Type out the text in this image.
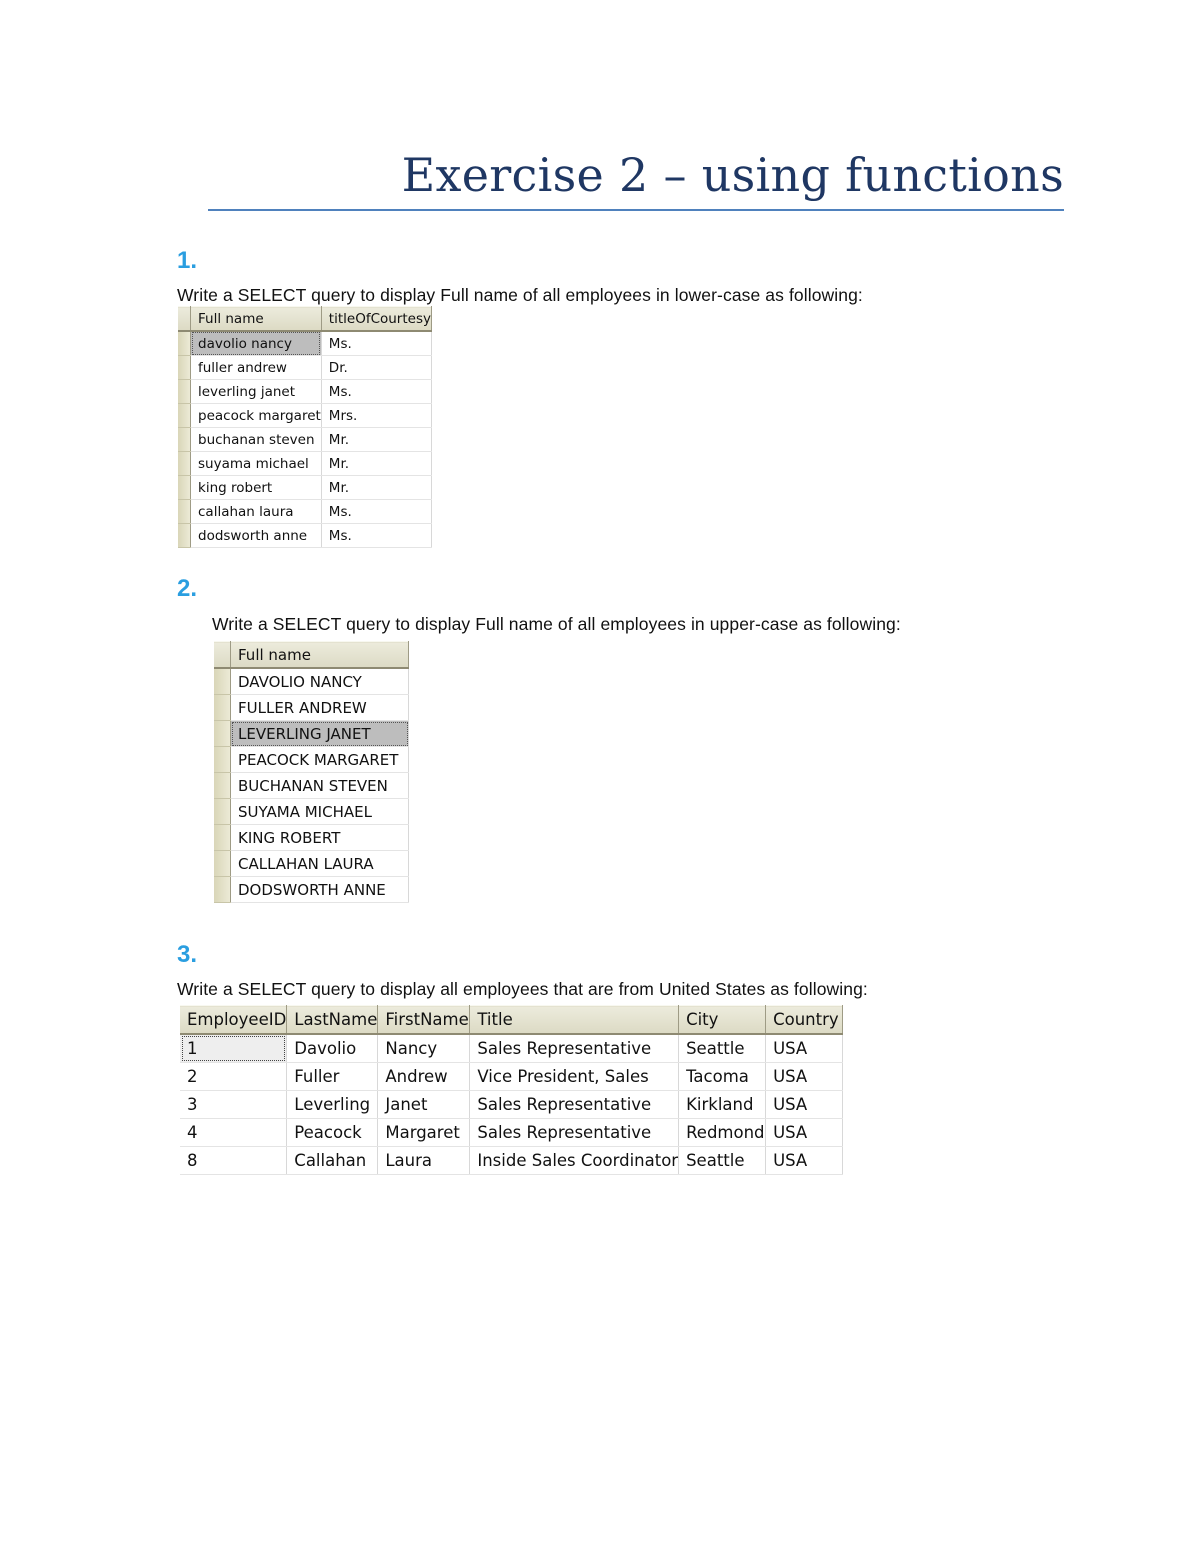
Exercise 2 – using functions
1.
Write a SELECT query to display Full name of all employees in lower-case as following:
	Full name	titleOfCourtesy
	davolio nancy	Ms.
	fuller andrew	Dr.
	leverling janet	Ms.
	peacock margaret	Mrs.
	buchanan steven	Mr.
	suyama michael	Mr.
	king robert	Mr.
	callahan laura	Ms.
	dodsworth anne	Ms.
2.
Write a SELECT query to display Full name of all employees in upper-case as following:
	Full name
	DAVOLIO NANCY
	FULLER ANDREW
	LEVERLING JANET
	PEACOCK MARGARET
	BUCHANAN STEVEN
	SUYAMA MICHAEL
	KING ROBERT
	CALLAHAN LAURA
	DODSWORTH ANNE
3.
Write a SELECT query to display all employees that are from United States as following:
EmployeeID	LastName	FirstName	Title	City	Country
1	Davolio	Nancy	Sales Representative	Seattle	USA
2	Fuller	Andrew	Vice President, Sales	Tacoma	USA
3	Leverling	Janet	Sales Representative	Kirkland	USA
4	Peacock	Margaret	Sales Representative	Redmond	USA
8	Callahan	Laura	Inside Sales Coordinator	Seattle	USA
